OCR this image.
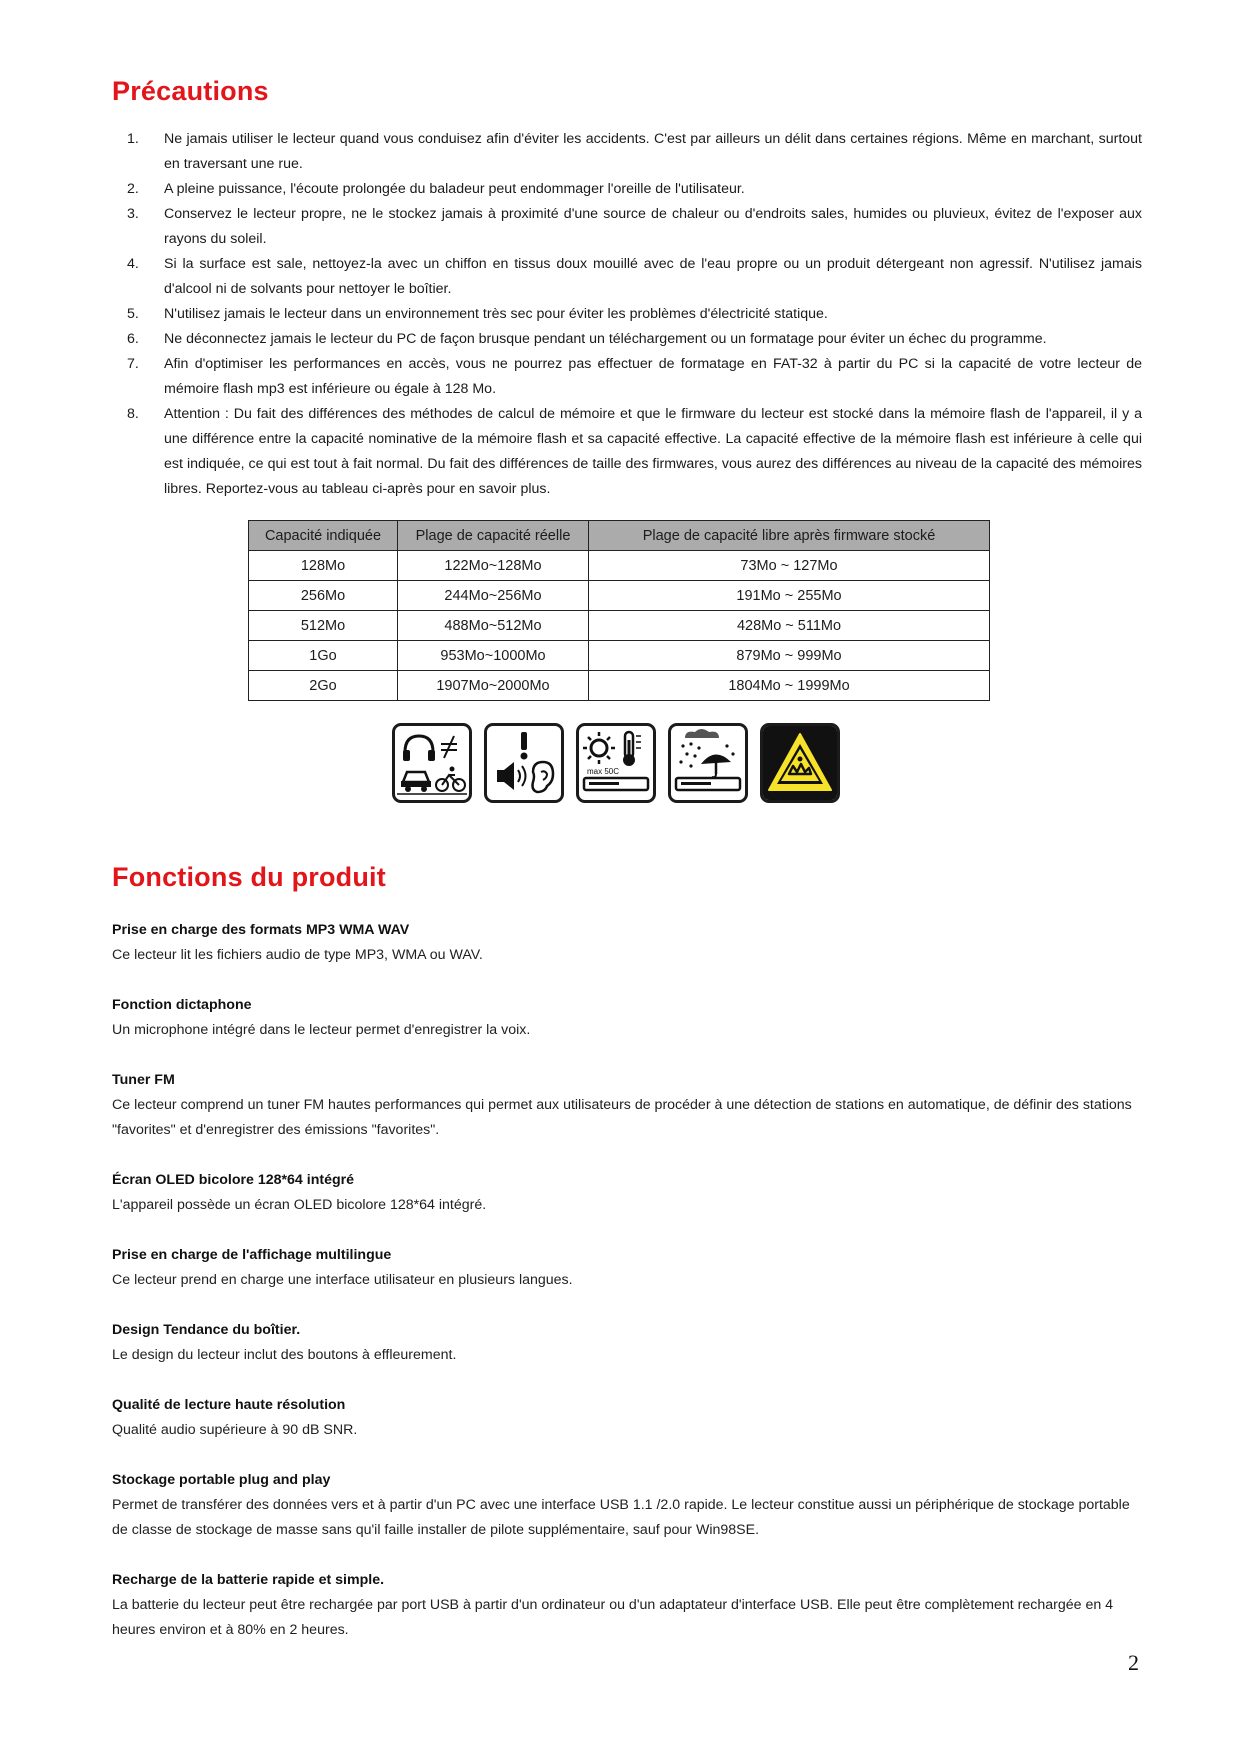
Précautions
1. Ne jamais utiliser le lecteur quand vous conduisez afin d'éviter les accidents. C'est par ailleurs un délit dans certaines régions. Même en marchant, surtout en traversant une rue.
2. A pleine puissance, l'écoute prolongée du baladeur peut endommager l'oreille de l'utilisateur.
3. Conservez le lecteur propre, ne le stockez jamais à proximité d'une source de chaleur ou d'endroits sales, humides ou pluvieux, évitez de l'exposer aux rayons du soleil.
4. Si la surface est sale, nettoyez-la avec un chiffon en tissus doux mouillé avec de l'eau propre ou un produit détergeant non agressif. N'utilisez jamais d'alcool ni de solvants pour nettoyer le boîtier.
5. N'utilisez jamais le lecteur dans un environnement très sec pour éviter les problèmes d'électricité statique.
6. Ne déconnectez jamais le lecteur du PC de façon brusque pendant un téléchargement ou un formatage pour éviter un échec du programme.
7. Afin d'optimiser les performances en accès, vous ne pourrez pas effectuer de formatage en FAT-32 à partir du PC si la capacité de votre lecteur de mémoire flash mp3 est inférieure ou égale à 128 Mo.
8. Attention : Du fait des différences des méthodes de calcul de mémoire et que le firmware du lecteur est stocké dans la mémoire flash de l'appareil, il y a une différence entre la capacité nominative de la mémoire flash et sa capacité effective. La capacité effective de la mémoire flash est inférieure à celle qui est indiquée, ce qui est tout à fait normal. Du fait des différences de taille des firmwares, vous aurez des différences au niveau de la capacité des mémoires libres. Reportez-vous au tableau ci-après pour en savoir plus.
Capacité indiquée	Plage de capacité réelle	Plage de capacité libre après firmware stocké
128Mo	122Mo~128Mo	73Mo ~ 127Mo
256Mo	244Mo~256Mo	191Mo ~ 255Mo
512Mo	488Mo~512Mo	428Mo ~ 511Mo
1Go	953Mo~1000Mo	879Mo ~ 999Mo
2Go	1907Mo~2000Mo	1804Mo ~ 1999Mo
max 50C
Fonctions du produit
Prise en charge des formats MP3 WMA WAV
Ce lecteur lit les fichiers audio de type MP3, WMA ou WAV.
Fonction dictaphone
Un microphone intégré dans le lecteur permet d'enregistrer la voix.
Tuner FM
Ce lecteur comprend un tuner FM hautes performances qui permet aux utilisateurs de procéder à une détection de stations en automatique, de définir des stations "favorites" et d'enregistrer des émissions "favorites".
Écran OLED bicolore 128*64 intégré
L'appareil possède un écran OLED bicolore 128*64 intégré.
Prise en charge de l'affichage multilingue
Ce lecteur prend en charge une interface utilisateur en plusieurs langues.
Design Tendance du boîtier.
Le design du lecteur inclut des boutons à effleurement.
Qualité de lecture haute résolution
Qualité audio supérieure à 90 dB SNR.
Stockage portable plug and play
Permet de transférer des données vers et à partir d'un PC avec une interface USB 1.1 /2.0 rapide. Le lecteur constitue aussi un périphérique de stockage portable de classe de stockage de masse sans qu'il faille installer de pilote supplémentaire, sauf pour Win98SE.
Recharge de la batterie rapide et simple.
La batterie du lecteur peut être rechargée par port USB à partir d'un ordinateur ou d'un adaptateur d'interface USB. Elle peut être complètement rechargée en 4 heures environ et à 80% en 2 heures.
2
